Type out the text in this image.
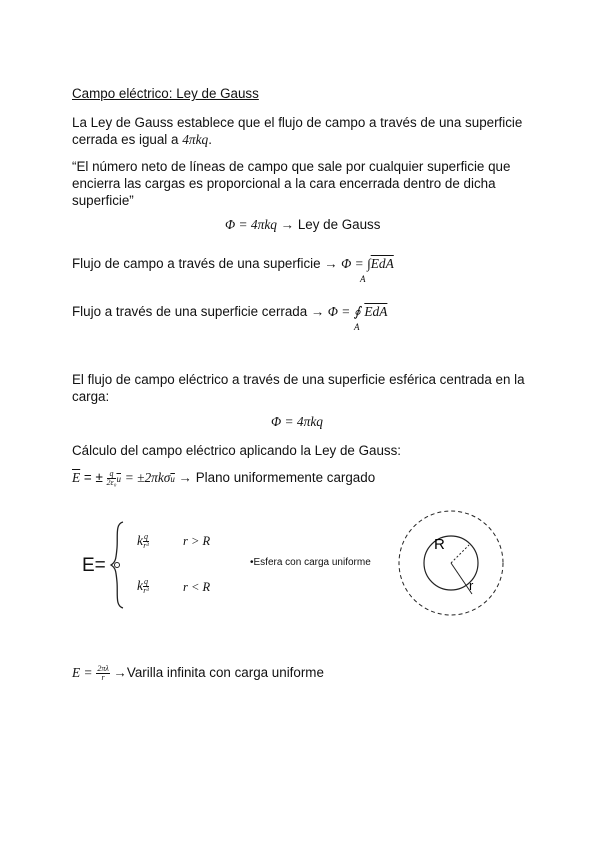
Campo eléctrico: Ley de Gauss
La Ley de Gauss establece que el flujo de campo a través de una superficie
cerrada es igual a 4πkq.
“El número neto de líneas de campo que sale por cualquier superficie que
encierra las cargas es proporcional a la cara encerrada dentro de dicha
superficie”
Φ = 4πkq → Ley de Gauss
Flujo de campo a través de una superficie → $\Phi = \int\overline{EdA}$
A
Flujo a través de una superficie cerrada → Φ = ∮ $\overline{EdA}$
A
El flujo de campo eléctrico a través de una superficie esférica centrada en la
carga:
Φ = 4πkq
Cálculo del campo eléctrico aplicando la Ley de Gauss:
$\overline{E}$ = ± $\frac{q}{\text{2ε₀}} \overline{u} = \pm 2\pi k\sigma\overline{u}$ → Plano uniformemente cargado
E=
k $\frac{q}{\text{r³}}$	r > R
k $\frac{q}{\text{r³}}$	r < R
•Esfera con carga uniforme
R
r
$E = \frac{2\pi\lambda}{r}$ →Varilla infinita con carga uniforme
